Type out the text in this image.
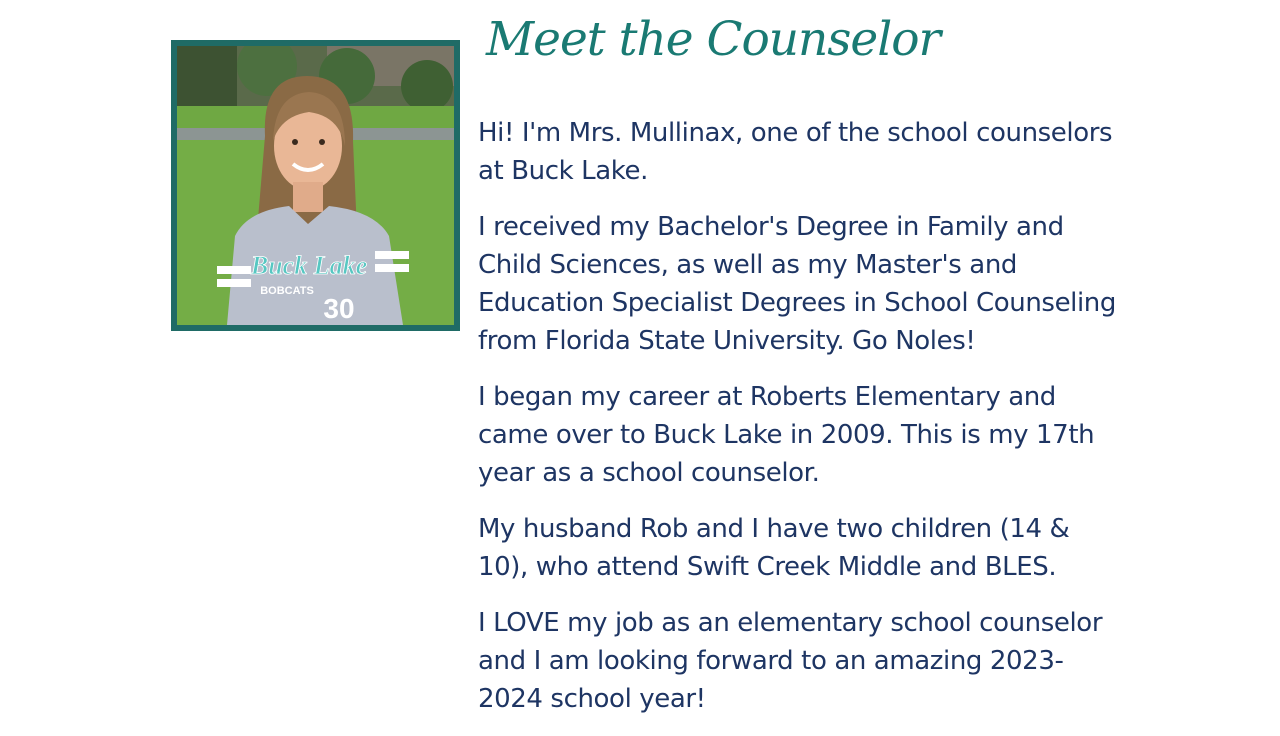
Buck Lake
BOBCATS
30
Meet the Counselor

Hi! I'm Mrs. Mullinax, one of the school counselors at Buck Lake.

I received my Bachelor's Degree in Family and Child Sciences, as well as my Master's and Education Specialist Degrees in School Counseling from Florida State University. Go Noles!

I began my career at Roberts Elementary and came over to Buck Lake in 2009. This is my 17th year as a school counselor.

My husband Rob and I have two children (14 & 10), who attend Swift Creek Middle and BLES.

I LOVE my job as an elementary school counselor and I am looking forward to an amazing 2023-2024 school year!
